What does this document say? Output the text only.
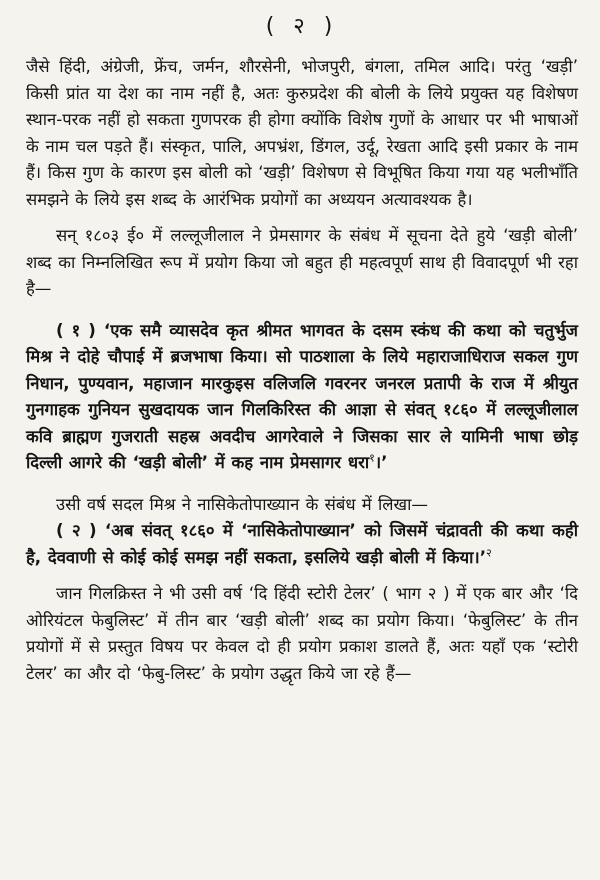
( २ )

जैसे हिंदी, अंग्रेजी, फ्रेंच, जर्मन, शौरसेनी, भोजपुरी, बंगला, तमिल आदि। परंतु ‘खड़ी’ किसी प्रांत या देश का नाम नहीं है, अतः कुरुप्रदेश की बोली के लिये प्रयुक्त यह विशेषण स्थान-परक नहीं हो सकता गुणपरक ही होगा क्योंकि विशेष गुणों के आधार पर भी भाषाओं के नाम चल पड़ते हैं। संस्कृत, पालि, अपभ्रंश, डिंगल, उर्दू, रेखता आदि इसी प्रकार के नाम हैं। किस गुण के कारण इस बोली को ‘खड़ी’ विशेषण से विभूषित किया गया यह भलीभाँति समझने के लिये इस शब्द के आरंभिक प्रयोगों का अध्ययन अत्यावश्यक है।

सन् १८०३ ई० में लल्लूजीलाल ने प्रेमसागर के संबंध में सूचना देते हुये ‘खड़ी बोली’ शब्द का निम्नलिखित रूप में प्रयोग किया जो बहुत ही महत्वपूर्ण साथ ही विवादपूर्ण भी रहा है—

( १ ) ‘एक समै व्यासदेव कृत श्रीमत भागवत के दसम स्कंध की कथा को चतुर्भुज मिश्र ने दोहे चौपाई में ब्रजभाषा किया। सो पाठशाला के लिये महाराजाधिराज सकल गुण निधान, पुण्यवान, महाजान मारकुइस वलिजलि गवरनर जनरल प्रतापी के राज में श्रीयुत गुनगाहक गुनियन सुखदायक जान गिलकिरिस्त की आज्ञा से संवत् १८६० में लल्लूजीलाल कवि ब्राह्मण गुजराती सहस्र अवदीच आगरेवाले ने जिसका सार ले यामिनी भाषा छोड़ दिल्ली आगरे की ‘खड़ी बोली’ में कह नाम प्रेमसागर धरा$^१$।’

उसी वर्ष सदल मिश्र ने नासिकेतोपाख्यान के संबंध में लिखा—

( २ ) ‘अब संवत् १८६० में ‘नासिकेतोपाख्यान’ को जिसमें चंद्रावती की कथा कही है, देववाणी से कोई कोई समझ नहीं सकता, इसलिये खड़ी बोली में किया।’$^२$

जान गिलक्रिस्त ने भी उसी वर्ष ‘दि हिंदी स्टोरी टेलर’ ( भाग २ ) में एक बार और ‘दि ओरियंटल फेबुलिस्ट’ में तीन बार ‘खड़ी बोली’ शब्द का प्रयोग किया। ‘फेबुलिस्ट’ के तीन प्रयोगों में से प्रस्तुत विषय पर केवल दो ही प्रयोग प्रकाश डालते हैं, अतः यहाँ एक ‘स्टोरी टेलर’ का और दो ‘फेबु-लिस्ट’ के प्रयोग उद्धृत किये जा रहे हैं—
